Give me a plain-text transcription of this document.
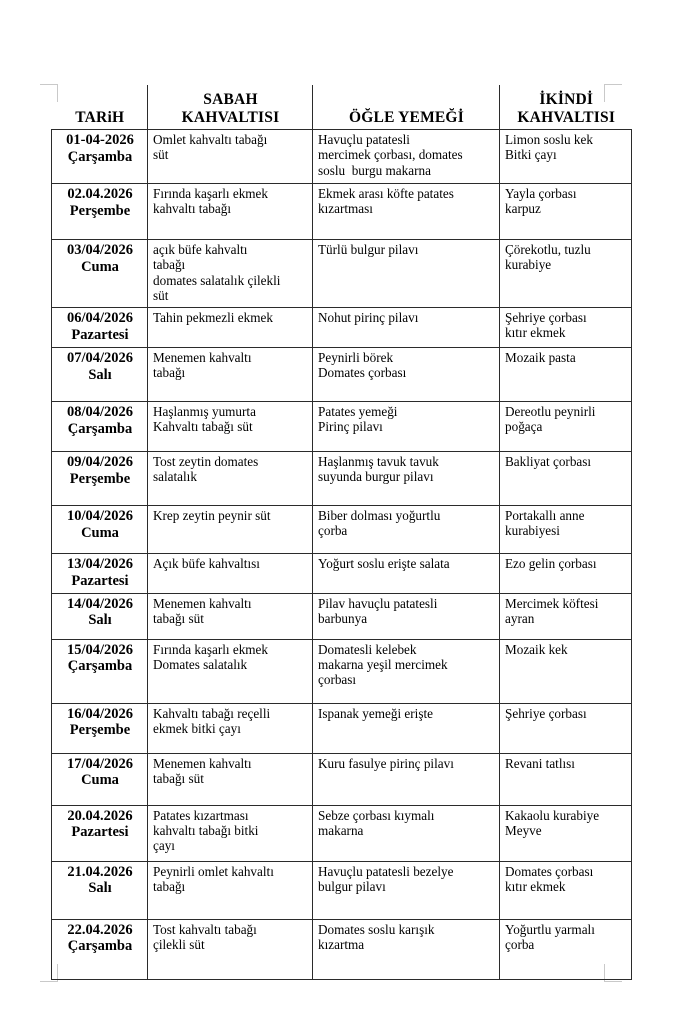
TARiH	SABAH
KAHVALTISI	ÖĞLE YEMEĞİ	İKİNDİ
KAHVALTISI

01-04-2026
Çarşamba	Omlet kahvaltı tabağı
süt	Havuçlu patatesli
mercimek çorbası, domates
soslu  burgu makarna	Limon soslu kek
Bitki çayı

02.04.2026
Perşembe	Fırında kaşarlı ekmek
kahvaltı tabağı	Ekmek arası köfte patates
kızartması	Yayla çorbası
karpuz

03/04/2026
Cuma	açık büfe kahvaltı
tabağı
domates salatalık çilekli
süt	Türlü bulgur pilavı	Çörekotlu, tuzlu
kurabiye

06/04/2026
Pazartesi	Tahin pekmezli ekmek	Nohut pirinç pilavı	Şehriye çorbası
kıtır ekmek

07/04/2026
Salı	Menemen kahvaltı
tabağı	Peynirli börek
Domates çorbası	Mozaik pasta

08/04/2026
Çarşamba	Haşlanmış yumurta
Kahvaltı tabağı süt	Patates yemeği
Pirinç pilavı	Dereotlu peynirli
poğaça

09/04/2026
Perşembe	Tost zeytin domates
salatalık	Haşlanmış tavuk tavuk
suyunda burgur pilavı	Bakliyat çorbası

10/04/2026
Cuma	Krep zeytin peynir süt	Biber dolması yoğurtlu
çorba	Portakallı anne
kurabiyesi

13/04/2026
Pazartesi	Açık büfe kahvaltısı	Yoğurt soslu erişte salata	Ezo gelin çorbası

14/04/2026
Salı	Menemen kahvaltı
tabağı süt	Pilav havuçlu patatesli
barbunya	Mercimek köftesi
ayran

15/04/2026
Çarşamba	Fırında kaşarlı ekmek
Domates salatalık	Domatesli kelebek
makarna yeşil mercimek
çorbası	Mozaik kek

16/04/2026
Perşembe	Kahvaltı tabağı reçelli
ekmek bitki çayı	Ispanak yemeği erişte	Şehriye çorbası

17/04/2026
Cuma	Menemen kahvaltı
tabağı süt	Kuru fasulye pirinç pilavı	Revani tatlısı

20.04.2026
Pazartesi	Patates kızartması
kahvaltı tabağı bitki
çayı	Sebze çorbası kıymalı
makarna	Kakaolu kurabiye
Meyve

21.04.2026
Salı	Peynirli omlet kahvaltı
tabağı	Havuçlu patatesli bezelye
bulgur pilavı	Domates çorbası
kıtır ekmek

22.04.2026
Çarşamba	Tost kahvaltı tabağı
çilekli süt	Domates soslu karışık
kızartma	Yoğurtlu yarmalı
çorba
